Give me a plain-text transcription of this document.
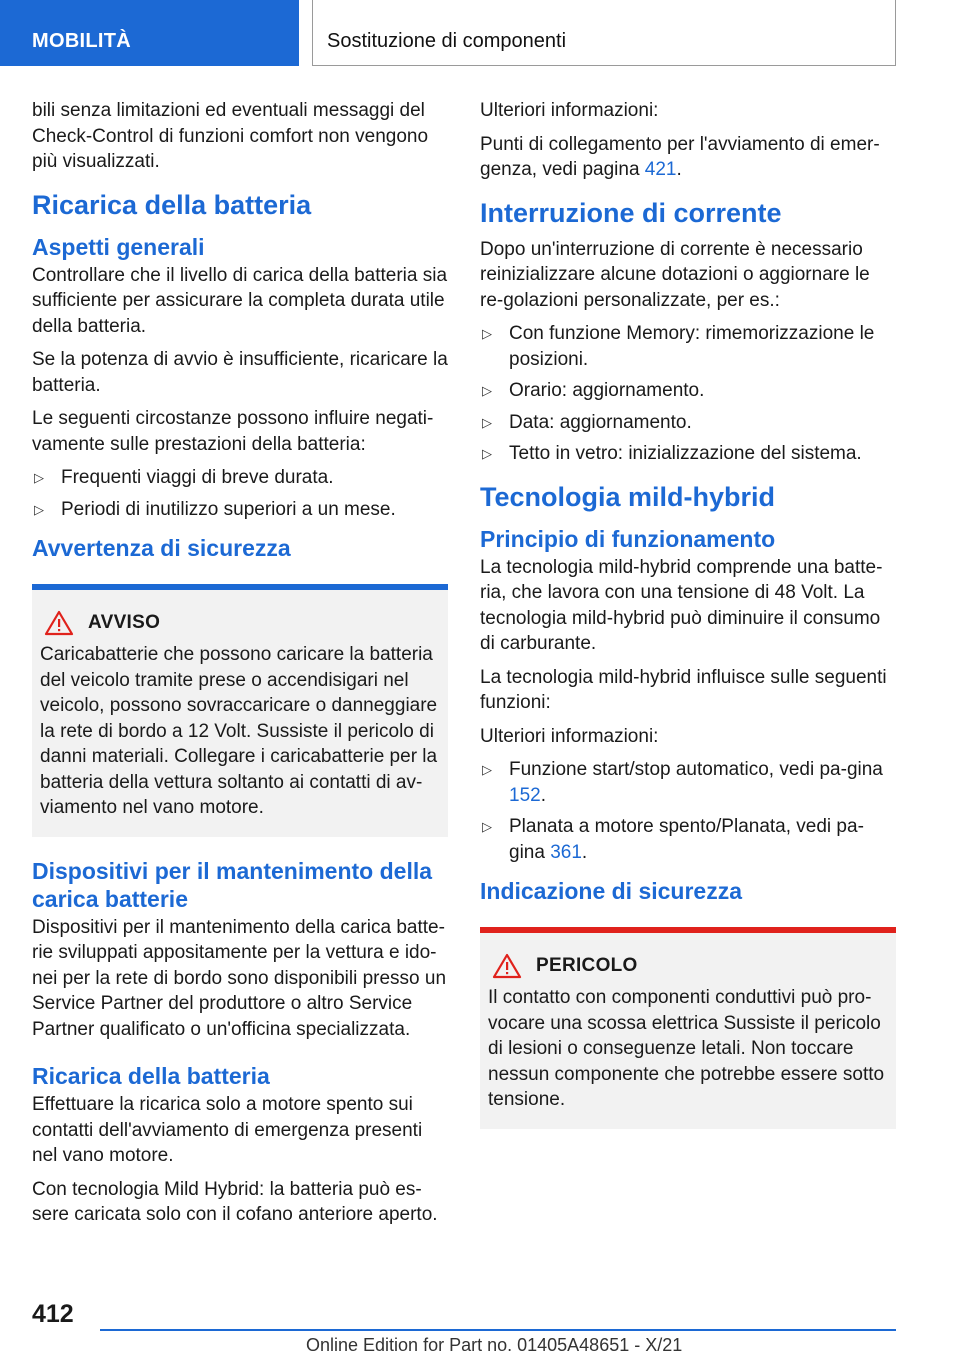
MOBILITÀ	Sostituzione di componenti

bili senza limitazioni ed eventuali messaggi del Check-Control di funzioni comfort non vengono più visualizzati.

Ricarica della batteria
Aspetti generali

Controllare che il livello di carica della batteria sia sufficiente per assicurare la completa durata utile della batteria.

Se la potenza di avvio è insufficiente, ricaricare la batteria.

Le seguenti circostanze possono influire negati-vamente sulle prestazioni della batteria:

▷ Frequenti viaggi di breve durata.
▷ Periodi di inutilizzo superiori a un mese.
Avvertenza di sicurezza
AVVISO

Caricabatterie che possono caricare la batteria del veicolo tramite prese o accendisigari nel veicolo, possono sovraccaricare o danneggiare la rete di bordo a 12 Volt. Sussiste il pericolo di danni materiali. Collegare i caricabatterie per la batteria della vettura soltanto ai contatti di av-viamento nel vano motore.

Dispositivi per il mantenimento della carica batterie

Dispositivi per il mantenimento della carica batte-rie sviluppati appositamente per la vettura e ido-nei per la rete di bordo sono disponibili presso un Service Partner del produttore o altro Service Partner qualificato o un'officina specializzata.

Ricarica della batteria

Effettuare la ricarica solo a motore spento sui contatti dell'avviamento di emergenza presenti nel vano motore.

Con tecnologia Mild Hybrid: la batteria può es-sere caricata solo con il cofano anteriore aperto.

Ulteriori informazioni:

Punti di collegamento per l'avviamento di emer-genza, vedi pagina 421.

Interruzione di corrente

Dopo un'interruzione di corrente è necessario reinizializzare alcune dotazioni o aggiornare le re-golazioni personalizzate, per es.:

▷ Con funzione Memory: rimemorizzazione le posizioni.
▷ Orario: aggiornamento.
▷ Data: aggiornamento.
▷ Tetto in vetro: inizializzazione del sistema.
Tecnologia mild-hybrid
Principio di funzionamento

La tecnologia mild-hybrid comprende una batte-ria, che lavora con una tensione di 48 Volt. La tecnologia mild-hybrid può diminuire il consumo di carburante.

La tecnologia mild-hybrid influisce sulle seguenti funzioni:

Ulteriori informazioni:

▷ Funzione start/stop automatico, vedi pa-gina 152.
▷ Planata a motore spento/Planata, vedi pa-gina 361.
Indicazione di sicurezza
PERICOLO

Il contatto con componenti conduttivi può pro-vocare una scossa elettrica Sussiste il pericolo di lesioni o conseguenze letali. Non toccare nessun componente che potrebbe essere sotto tensione.

412
Online Edition for Part no. 01405A48651 - X/21
